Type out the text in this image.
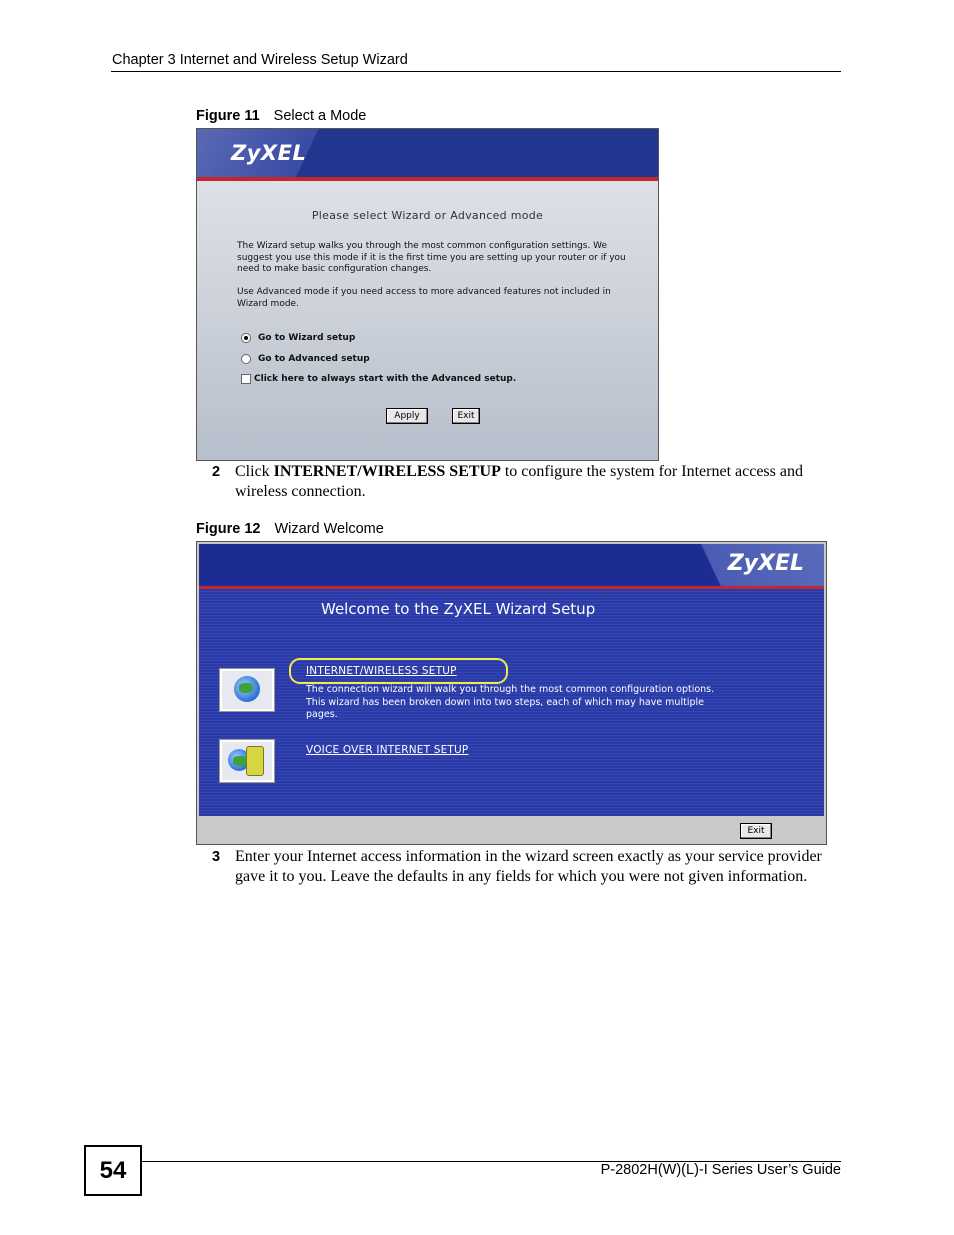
Chapter 3 Internet and Wireless Setup Wizard
Figure 11 Select a Mode
ZyXEL
Please select Wizard or Advanced mode
The Wizard setup walks you through the most common configuration settings. We suggest you use this mode if it is the first time you are setting up your router or if you need to make basic configuration changes.
Use Advanced mode if you need access to more advanced features not included in Wizard mode.
Go to Wizard setup
Go to Advanced setup
Click here to always start with the Advanced setup.
Apply	Exit
2 Click INTERNET/WIRELESS SETUP to configure the system for Internet access and wireless connection.
Figure 12 Wizard Welcome
ZyXEL
Welcome to the ZyXEL Wizard Setup
INTERNET/WIRELESS SETUP
The connection wizard will walk you through the most common configuration options. This wizard has been broken down into two steps, each of which may have multiple pages.
VOICE OVER INTERNET SETUP
Exit
3 Enter your Internet access information in the wizard screen exactly as your service provider gave it to you. Leave the defaults in any fields for which you were not given information.
54	P-2802H(W)(L)-I Series User’s Guide
